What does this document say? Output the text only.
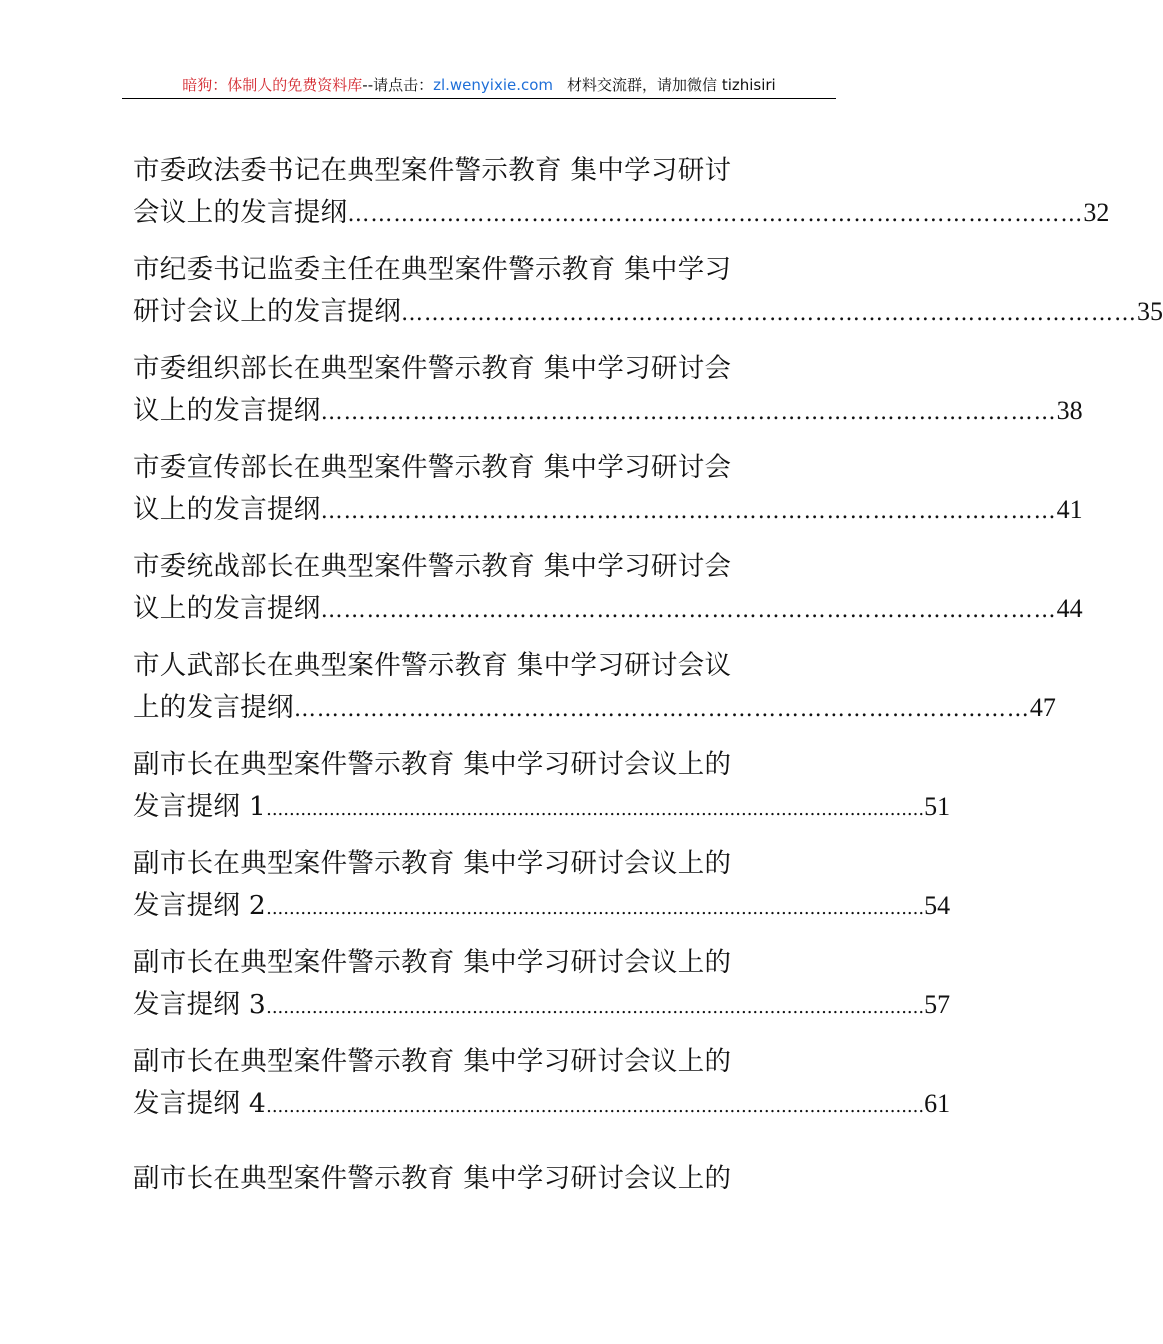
暗狗：体制人的免费资料库--请点击：zl.wenyixie.com 材料交流群，请加微信 tizhisiri
市委政法委书记在典型案件警示教育 集中学习研讨
会议上的发言提纲 …………………………………………………………………………………… 32
市纪委书记监委主任在典型案件警示教育 集中学习
研讨会议上的发言提纲 …………………………………………………………………………………… 35
市委组织部长在典型案件警示教育 集中学习研讨会
议上的发言提纲 …………………………………………………………………………………… 38
市委宣传部长在典型案件警示教育 集中学习研讨会
议上的发言提纲 …………………………………………………………………………………… 41
市委统战部长在典型案件警示教育 集中学习研讨会
议上的发言提纲 …………………………………………………………………………………… 44
市人武部长在典型案件警示教育 集中学习研讨会议
上的发言提纲 …………………………………………………………………………………… 47
副市长在典型案件警示教育 集中学习研讨会议上的
发言提纲 1 ................................................................................................................... 51
副市长在典型案件警示教育 集中学习研讨会议上的
发言提纲 2 ................................................................................................................... 54
副市长在典型案件警示教育 集中学习研讨会议上的
发言提纲 3 ................................................................................................................... 57
副市长在典型案件警示教育 集中学习研讨会议上的
发言提纲 4 ................................................................................................................... 61
副市长在典型案件警示教育 集中学习研讨会议上的
